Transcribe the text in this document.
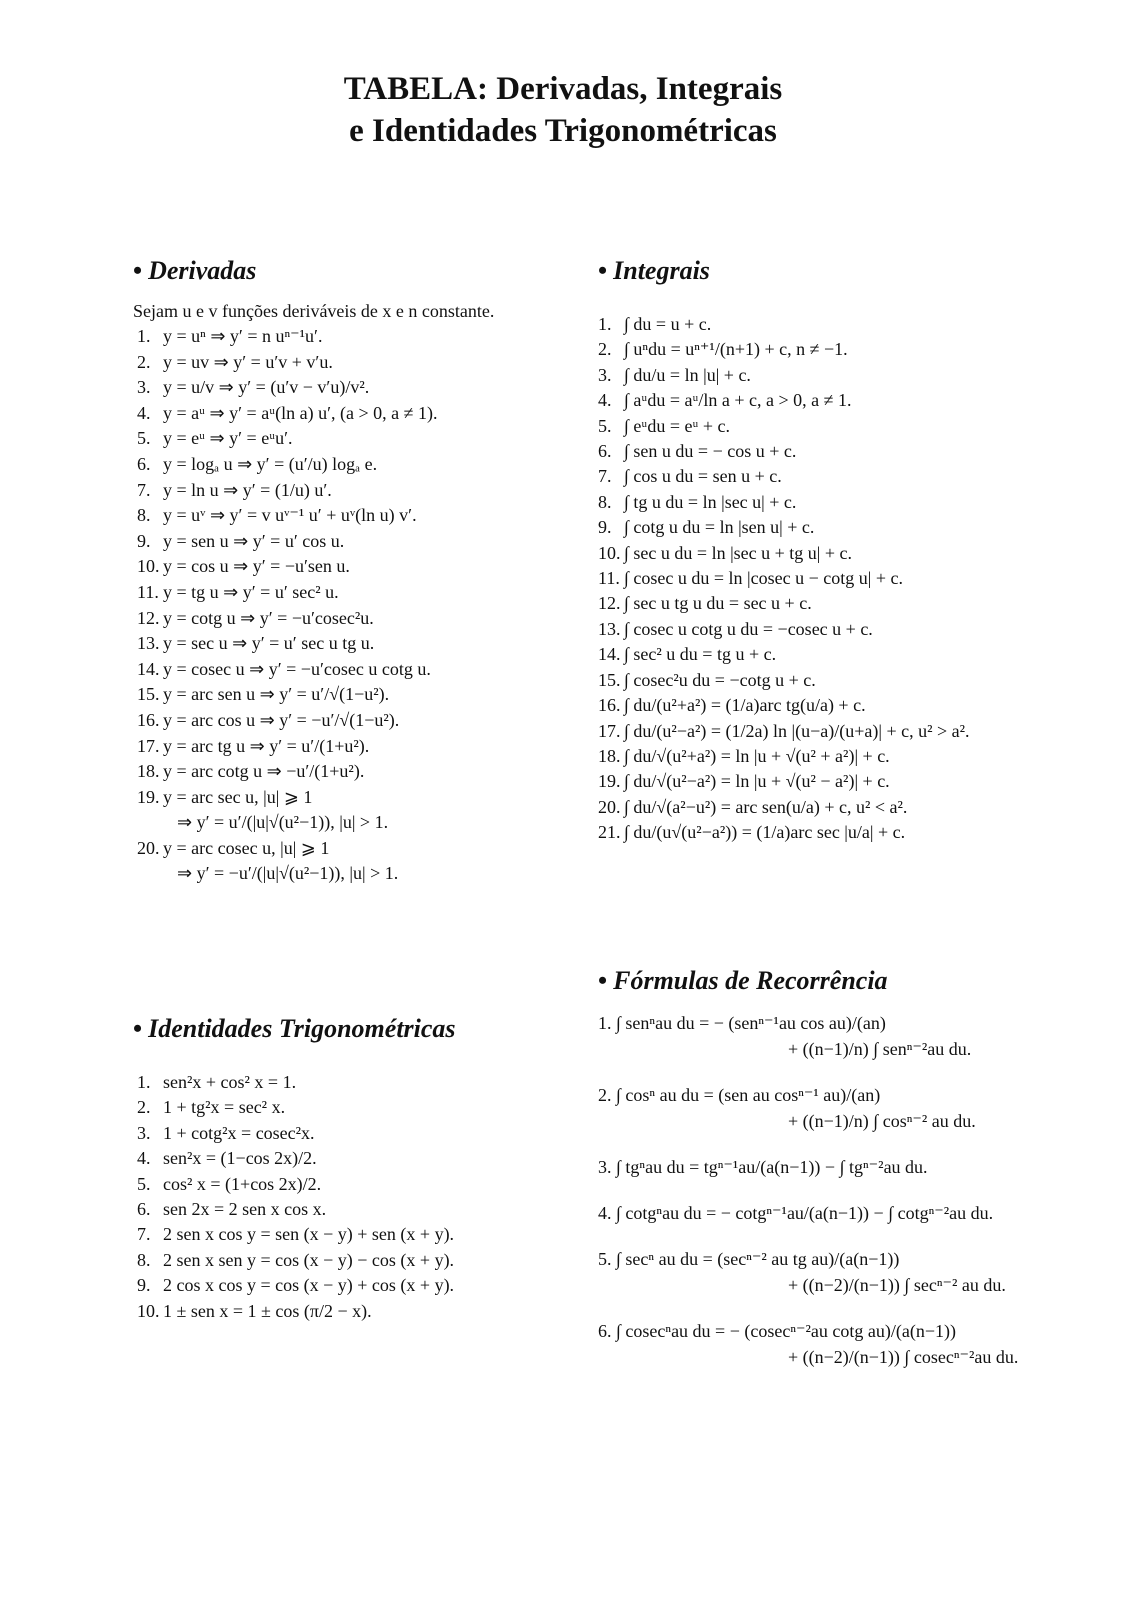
TABELA: Derivadas, Integrais
e Identidades Trigonométricas
• Derivadas
Sejam u e v funções deriváveis de x e n constante.
1. y = uⁿ ⇒ y′ = n uⁿ⁻¹u′.
2. y = uv ⇒ y′ = u′v + v′u.
3. y = u/v ⇒ y′ = (u′v − v′u)/v².
4. y = aᵘ ⇒ y′ = aᵘ(ln a) u′, (a > 0, a ≠ 1).
5. y = eᵘ ⇒ y′ = eᵘu′.
6. y = logₐ u ⇒ y′ = (u′/u) logₐ e.
7. y = ln u ⇒ y′ = (1/u) u′.
8. y = uᵛ ⇒ y′ = v uᵛ⁻¹ u′ + uᵛ(ln u) v′.
9. y = sen u ⇒ y′ = u′ cos u.
10. y = cos u ⇒ y′ = −u′sen u.
11. y = tg u ⇒ y′ = u′ sec² u.
12. y = cotg u ⇒ y′ = −u′cosec²u.
13. y = sec u ⇒ y′ = u′ sec u tg u.
14. y = cosec u ⇒ y′ = −u′cosec u cotg u.
15. y = arc sen u ⇒ y′ = u′/√(1−u²).
16. y = arc cos u ⇒ y′ = −u′/√(1−u²).
17. y = arc tg u ⇒ y′ = u′/(1+u²).
18. y = arc cotg u ⇒ −u′/(1+u²).
19. y = arc sec u, |u| ⩾ 1
⇒ y′ = u′/(|u|√(u²−1)), |u| > 1.
20. y = arc cosec u, |u| ⩾ 1
⇒ y′ = −u′/(|u|√(u²−1)), |u| > 1.
• Integrais
1. ∫ du = u + c.
2. ∫ uⁿdu = uⁿ⁺¹/(n+1) + c, n ≠ −1.
3. ∫ du/u = ln |u| + c.
4. ∫ aᵘdu = aᵘ/ln a + c, a > 0, a ≠ 1.
5. ∫ eᵘdu = eᵘ + c.
6. ∫ sen u du = − cos u + c.
7. ∫ cos u du = sen u + c.
8. ∫ tg u du = ln |sec u| + c.
9. ∫ cotg u du = ln |sen u| + c.
10. ∫ sec u du = ln |sec u + tg u| + c.
11. ∫ cosec u du = ln |cosec u − cotg u| + c.
12. ∫ sec u tg u du = sec u + c.
13. ∫ cosec u cotg u du = −cosec u + c.
14. ∫ sec² u du = tg u + c.
15. ∫ cosec²u du = −cotg u + c.
16. ∫ du/(u²+a²) = (1/a)arc tg(u/a) + c.
17. ∫ du/(u²−a²) = (1/2a) ln |(u−a)/(u+a)| + c, u² > a².
18. ∫ du/√(u²+a²) = ln |u + √(u² + a²)| + c.
19. ∫ du/√(u²−a²) = ln |u + √(u² − a²)| + c.
20. ∫ du/√(a²−u²) = arc sen(u/a) + c, u² < a².
21. ∫ du/(u√(u²−a²)) = (1/a)arc sec |u/a| + c.
• Identidades Trigonométricas
1. sen²x + cos² x = 1.
2. 1 + tg²x = sec² x.
3. 1 + cotg²x = cosec²x.
4. sen²x = (1−cos 2x)/2.
5. cos² x = (1+cos 2x)/2.
6. sen 2x = 2 sen x cos x.
7. 2 sen x cos y = sen (x − y) + sen (x + y).
8. 2 sen x sen y = cos (x − y) − cos (x + y).
9. 2 cos x cos y = cos (x − y) + cos (x + y).
10. 1 ± sen x = 1 ± cos (π/2 − x).
• Fórmulas de Recorrência
1. ∫ senⁿau du = − (senⁿ⁻¹au cos au)/(an)
+ ((n−1)/n) ∫ senⁿ⁻²au du.
2. ∫ cosⁿ au du = (sen au cosⁿ⁻¹ au)/(an)
+ ((n−1)/n) ∫ cosⁿ⁻² au du.
3. ∫ tgⁿau du = tgⁿ⁻¹au/(a(n−1)) − ∫ tgⁿ⁻²au du.
4. ∫ cotgⁿau du = − cotgⁿ⁻¹au/(a(n−1)) − ∫ cotgⁿ⁻²au du.
5. ∫ secⁿ au du = (secⁿ⁻² au tg au)/(a(n−1))
+ ((n−2)/(n−1)) ∫ secⁿ⁻² au du.
6. ∫ cosecⁿau du = − (cosecⁿ⁻²au cotg au)/(a(n−1))
+ ((n−2)/(n−1)) ∫ cosecⁿ⁻²au du.
